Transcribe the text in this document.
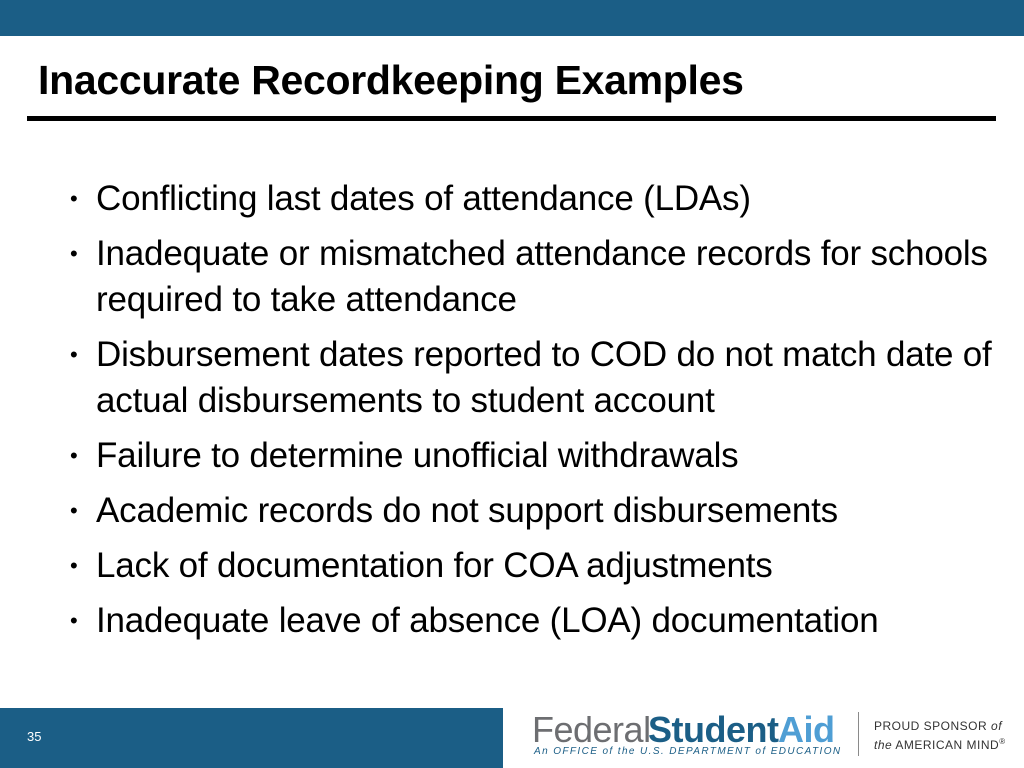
Inaccurate Recordkeeping Examples
• Conflicting last dates of attendance (LDAs)
• Inadequate or mismatched attendance records for schools required to take attendance
• Disbursement dates reported to COD do not match date of actual disbursements to student account
• Failure to determine unofficial withdrawals
• Academic records do not support disbursements
• Lack of documentation for COA adjustments
• Inadequate leave of absence (LOA) documentation
35	Federal
Student Aid
An OFFICE of the U.S. DEPARTMENT of EDUCATION
PROUD SPONSOR of
the AMERICAN MIND®
